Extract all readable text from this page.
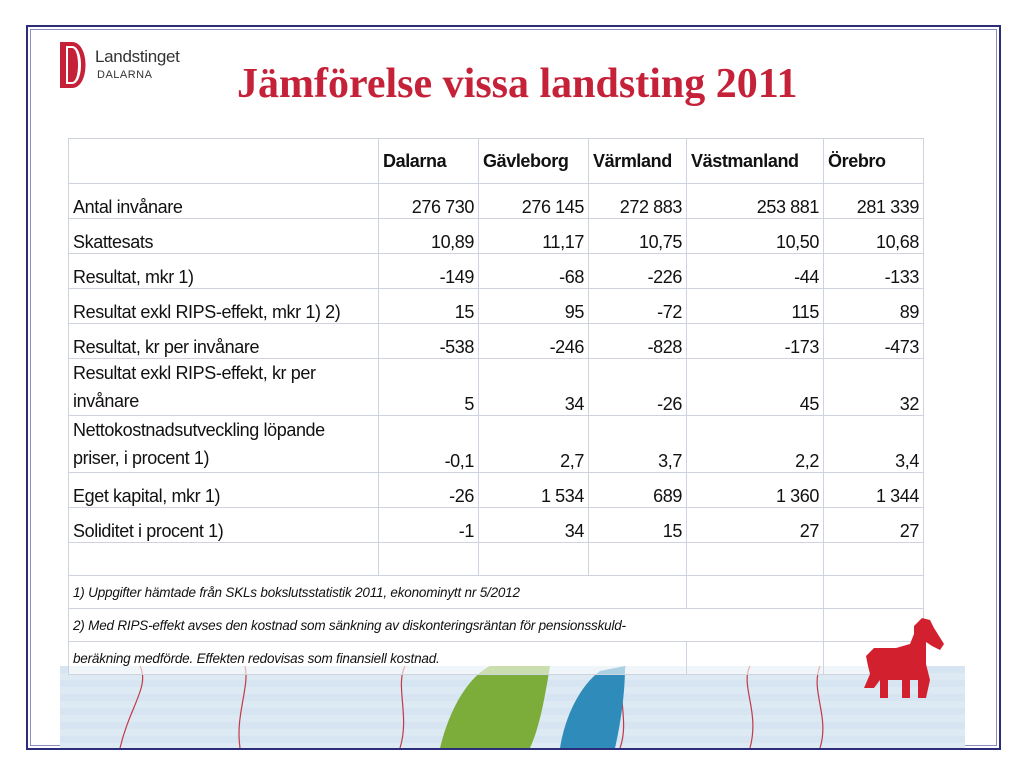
Landstinget
DALARNA Jämförelse vissa landsting 2011
	Dalarna	Gävleborg	Värmland	Västmanland	Örebro
Antal invånare	276 730	276 145	272 883	253 881	281 339
Skattesats	10,89	11,17	10,75	10,50	10,68
Resultat, mkr 1)	-149	-68	-226	-44	-133
Resultat exkl RIPS-effekt, mkr 1) 2)	15	95	-72	115	89
Resultat, kr per invånare	-538	-246	-828	-173	-473
Resultat exkl RIPS-effekt, kr per invånare	5	34	-26	45	32
Nettokostnadsutveckling löpande priser, i procent 1)	-0,1	2,7	3,7	2,2	3,4
Eget kapital, mkr 1)	-26	1 534	689	1 360	1 344
Soliditet i procent 1)	-1	34	15	27	27

1) Uppgifter hämtade från SKLs bokslutsstatistik 2011, ekonominytt nr 5/2012					
2) Med RIPS-effekt avses den kostnad som sänkning av diskonteringsräntan för pensionsskuld-					
beräkning medförde. Effekten redovisas som finansiell kostnad.					
